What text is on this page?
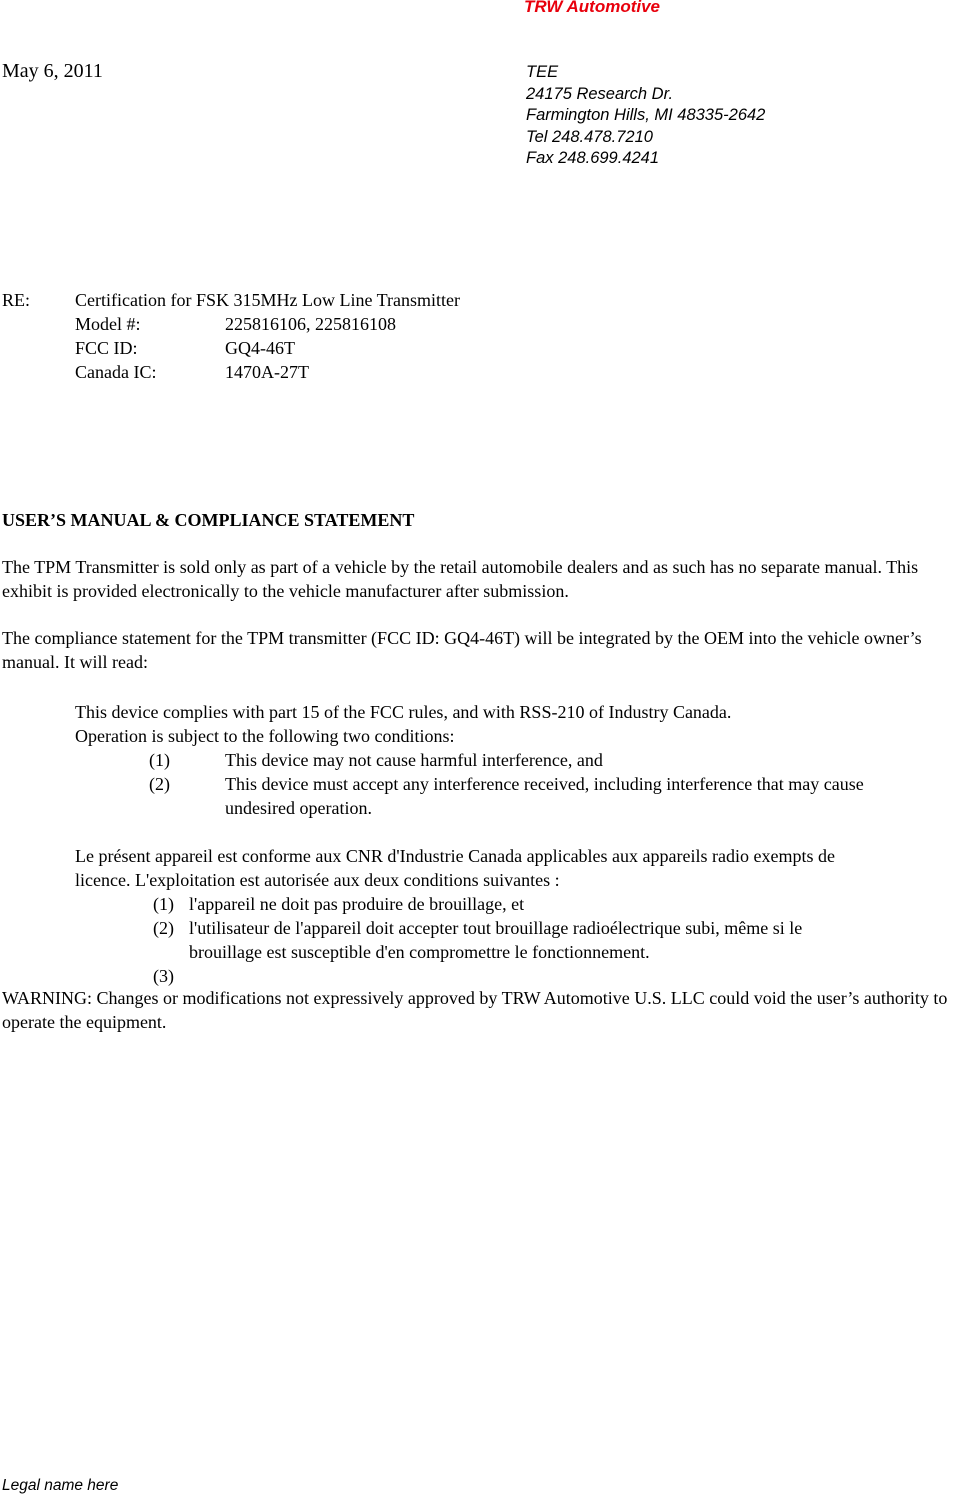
TRW Automotive
May 6, 2011	TEE
24175 Research Dr.
Farmington Hills, MI 48335-2642
Tel 248.478.7210
Fax 248.699.4241
RE: Certification for FSK 315MHz Low Line Transmitter
Model #:	225816106, 225816108
FCC ID:	GQ4-46T
Canada IC:	1470A-27T
USER’S MANUAL & COMPLIANCE STATEMENT
The TPM Transmitter is sold only as part of a vehicle by the retail automobile dealers and as such has no separate manual. This exhibit is provided electronically to the vehicle manufacturer after submission.
The compliance statement for the TPM transmitter (FCC ID: GQ4-46T) will be integrated by the OEM into the vehicle owner’s manual. It will read:
This device complies with part 15 of the FCC rules, and with RSS-210 of Industry Canada.
Operation is subject to the following two conditions:
(1)	This device may not cause harmful interference, and
(2)	This device must accept any interference received, including interference that may cause
undesired operation.
Le présent appareil est conforme aux CNR d'Industrie Canada applicables aux appareils radio exempts de
licence. L'exploitation est autorisée aux deux conditions suivantes :
(1) l'appareil ne doit pas produire de brouillage, et
(2) l'utilisateur de l'appareil doit accepter tout brouillage radioélectrique subi, même si le
brouillage est susceptible d'en compromettre le fonctionnement.
(3)
WARNING: Changes or modifications not expressively approved by TRW Automotive U.S. LLC could void the user’s authority to operate the equipment.
Legal name here
